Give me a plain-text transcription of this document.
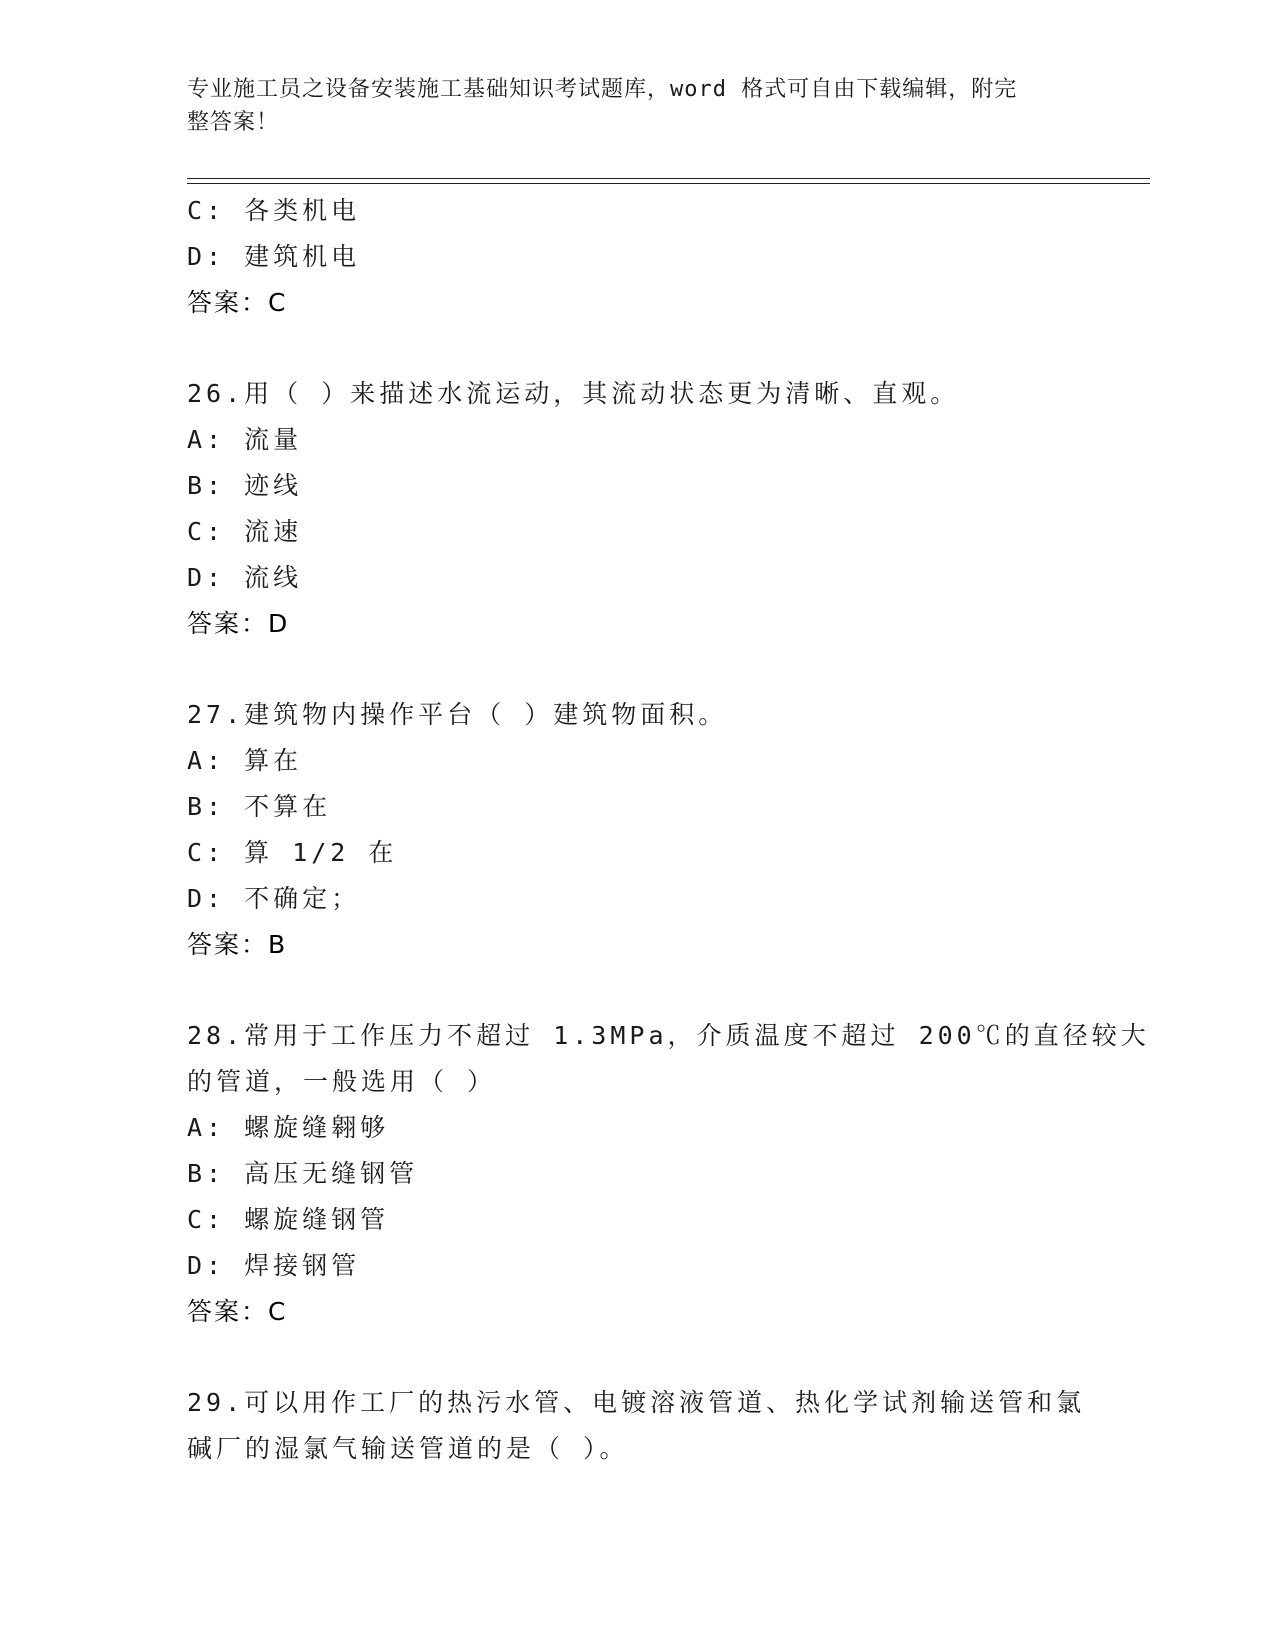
专业施工员之设备安装施工基础知识考试题库，word 格式可自由下载编辑，附完
整答案！
C: 各类机电
D: 建筑机电
答案：C
26.用（ ）来描述水流运动，其流动状态更为清晰、直观。
A: 流量
B: 迹线
C: 流速
D: 流线
答案：D
27.建筑物内操作平台（ ）建筑物面积。
A: 算在
B: 不算在
C: 算 1/2 在
D: 不确定；
答案：B
28.常用于工作压力不超过 1.3MPa，介质温度不超过 200℃的直径较大
的管道，一般选用（ ）
A: 螺旋缝翱够
B: 高压无缝钢管
C: 螺旋缝钢管
D: 焊接钢管
答案：C
29.可以用作工厂的热污水管、电镀溶液管道、热化学试剂输送管和氯
碱厂的湿氯气输送管道的是（ ）。
